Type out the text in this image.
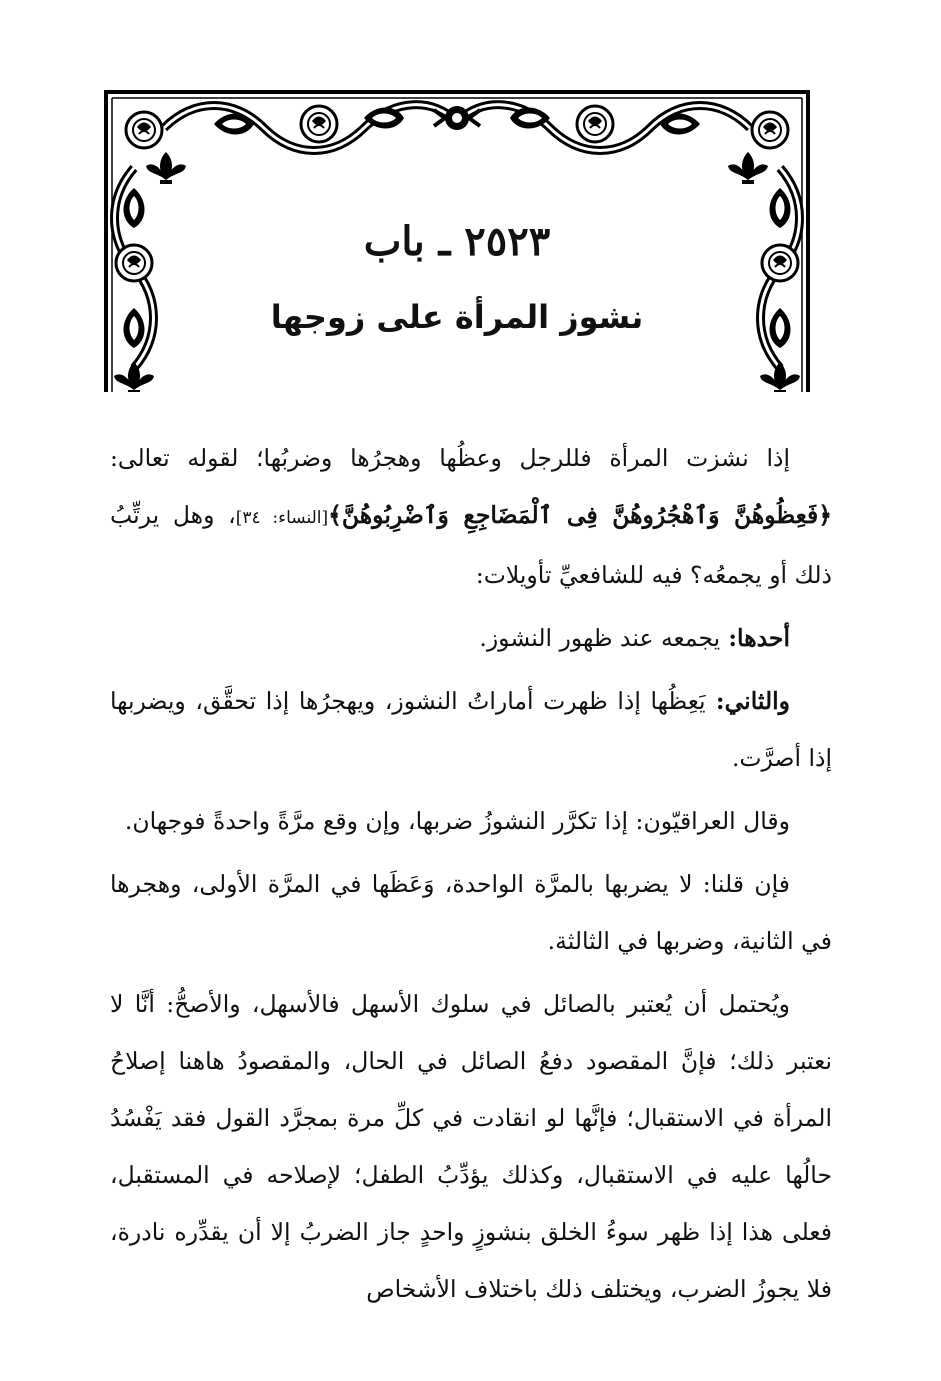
٢٥٢٣ ـ باب
نشوز المرأة على زوجها

إذا نشزت المرأة فللرجل وعظُها وهجرُها وضربُها؛ لقوله تعالى: ﴿فَعِظُوهُنَّ وَٱهْجُرُوهُنَّ فِى ٱلْمَضَاجِعِ وَٱضْرِبُوهُنَّ﴾[النساء: ٣٤]، وهل يرتِّبُ ذلك أو يجمعُه؟ فيه للشافعيِّ تأويلات:

أحدها: يجمعه عند ظهور النشوز.

والثاني: يَعِظُها إذا ظهرت أماراتُ النشوز، ويهجرُها إذا تحقَّق، ويضربها إذا أصرَّت.

وقال العراقيّون: إذا تكرَّر النشوزُ ضربها، وإن وقع مرَّةً واحدةً فوجهان.

فإن قلنا: لا يضربها بالمرَّة الواحدة، وَعَظَها في المرَّة الأولى، وهجرها في الثانية، وضربها في الثالثة.

ويُحتمل أن يُعتبر بالصائل في سلوك الأسهل فالأسهل، والأصحُّ: أنَّا لا نعتبر ذلك؛ فإنَّ المقصود دفعُ الصائل في الحال، والمقصودُ هاهنا إصلاحُ المرأة في الاستقبال؛ فإنَّها لو انقادت في كلِّ مرة بمجرَّد القول فقد يَفْسُدُ حالُها عليه في الاستقبال، وكذلك يؤدِّبُ الطفل؛ لإصلاحه في المستقبل، فعلى هذا إذا ظهر سوءُ الخلق بنشوزٍ واحدٍ جاز الضربُ إلا أن يقدِّره نادرة، فلا يجوزُ الضرب، ويختلف ذلك باختلاف الأشخاص
